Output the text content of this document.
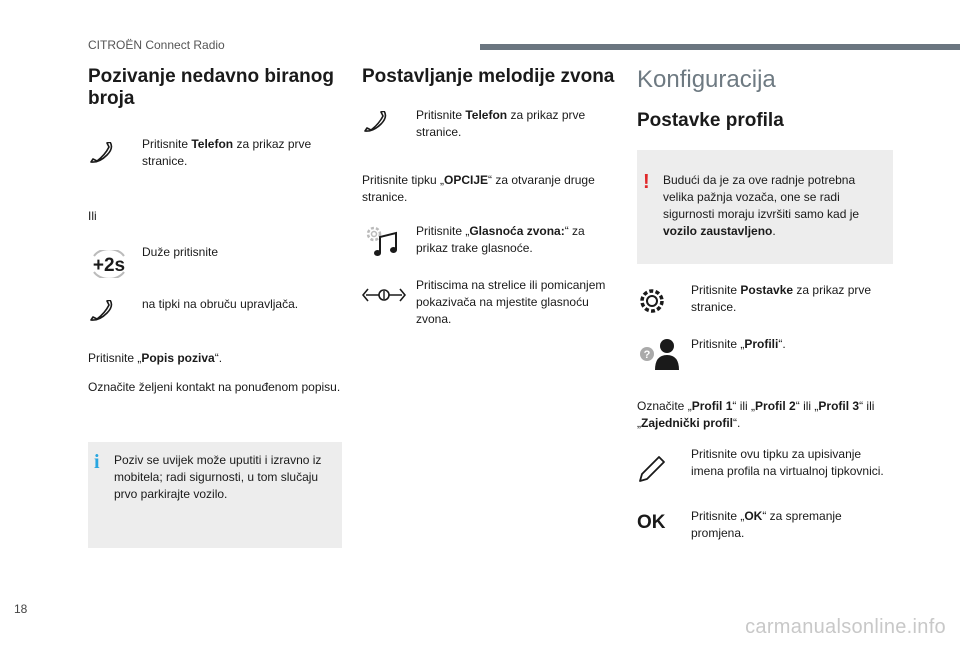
CITROËN Connect Radio
Pozivanje nedavno biranog broja

Pritisnite Telefon za prikaz prve stranice.

Ili

+2s

Duže pritisnite

na tipki na obruču upravljača.

Pritisnite „Popis poziva“.

Označite željeni kontakt na ponuđenom popisu.

i	Poziv se uvijek može uputiti i izravno iz mobitela; radi sigurnosti, u tom slučaju prvo parkirajte vozilo.

Postavljanje melodije zvona

Pritisnite Telefon za prikaz prve stranice.

Pritisnite tipku „OPCIJE“ za otvaranje druge stranice.

Pritisnite „Glasnoća zvona:“ za prikaz trake glasnoće.

Pritiscima na strelice ili pomicanjem pokazivača na mjestite glasnoću zvona.

Konfiguracija
Postavke profila
!	Budući da je za ove radnje potrebna velika pažnja vozača, one se radi sigurnosti moraju izvršiti samo kad je vozilo zaustavljeno.

Pritisnite Postavke za prikaz prve stranice.

?

Pritisnite „Profili“.

Označite „Profil 1“ ili „Profil 2“ ili „Profil 3“ ili „Zajednički profil“.

Pritisnite ovu tipku za upisivanje imena profila na virtualnoj tipkovnici.

OK Pritisnite „OK“ za spremanje promjena.

18
carmanualsonline.info
